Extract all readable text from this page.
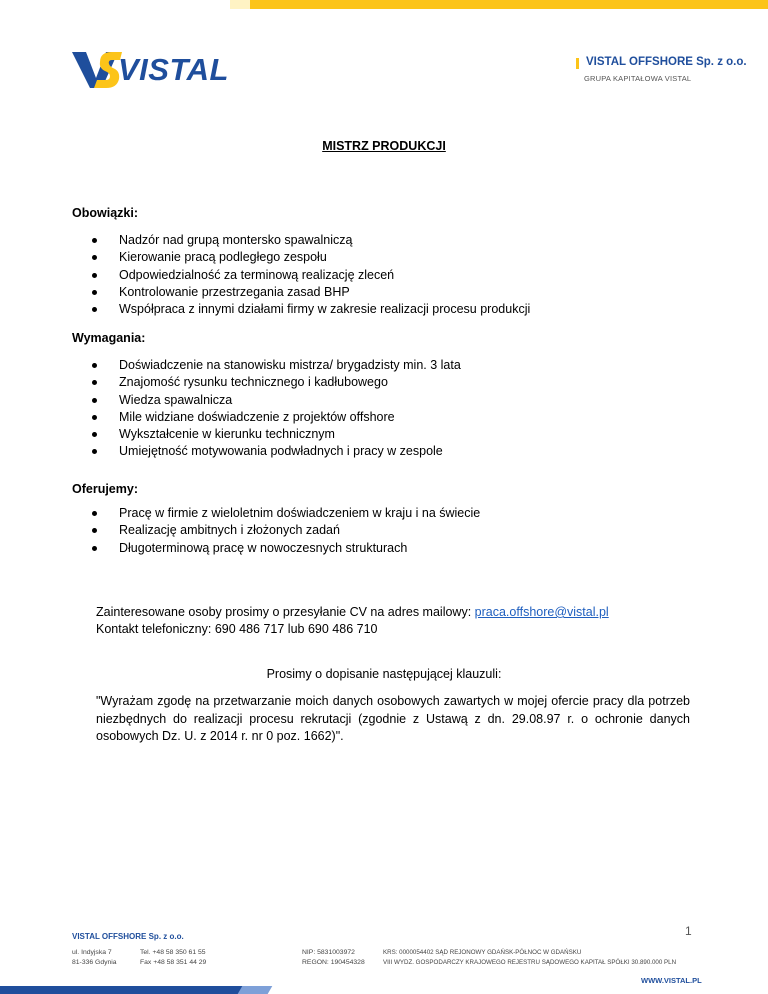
VISTAL	VISTAL OFFSHORE Sp. z o.o.
GRUPA KAPITAŁOWA VISTAL
MISTRZ PRODUKCJI
Obowiązki:
Nadzór nad grupą montersko spawalniczą
Kierowanie pracą podległego zespołu
Odpowiedzialność za terminową realizację zleceń
Kontrolowanie przestrzegania zasad BHP
Współpraca z innymi działami firmy w zakresie realizacji procesu produkcji
Wymagania:
Doświadczenie na stanowisku mistrza/ brygadzisty min. 3 lata
Znajomość rysunku technicznego i kadłubowego
Wiedza spawalnicza
Mile widziane doświadczenie z projektów offshore
Wykształcenie w kierunku technicznym
Umiejętność motywowania podwładnych i pracy w zespole
Oferujemy:
Pracę w firmie z wieloletnim doświadczeniem w kraju i na świecie
Realizację ambitnych i złożonych zadań
Długoterminową pracę w nowoczesnych strukturach
Zainteresowane osoby prosimy o przesyłanie CV na adres mailowy: praca.offshore@vistal.pl
Kontakt telefoniczny: 690 486 717 lub 690 486 710
Prosimy o dopisanie następującej klauzuli:
"Wyrażam zgodę na przetwarzanie moich danych osobowych zawartych w mojej ofercie pracy dla potrzeb niezbędnych do realizacji procesu rekrutacji (zgodnie z Ustawą z dn. 29.08.97 r. o ochronie danych osobowych Dz. U. z 2014 r. nr 0 poz. 1662)".
1
VISTAL OFFSHORE Sp. z o.o.
ul. Indyjska 7
81-336 Gdynia
Tel. +48 58 350 61 55
Fax +48 58 351 44 29
NIP: 5831003972
REGON: 190454328
KRS: 0000054402 SĄD REJONOWY GDAŃSK-PÓŁNOC W GDAŃSKU
VIII WYDZ. GOSPODARCZY KRAJOWEGO REJESTRU SĄDOWEGO KAPITAŁ SPÓŁKI 30.890.000 PLN
WWW.VISTAL.PL
